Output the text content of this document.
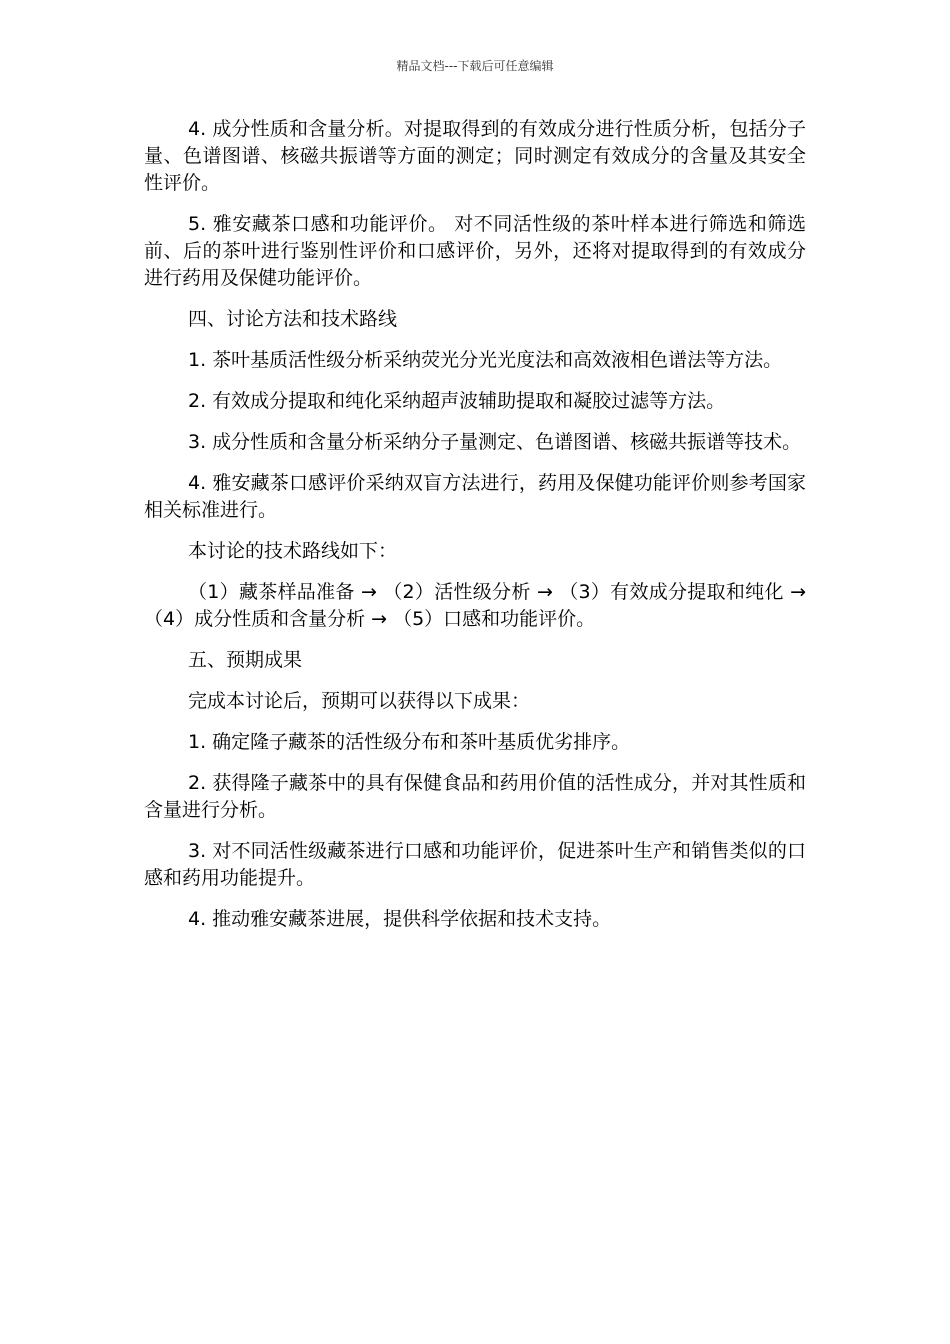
精品文档---下载后可任意编辑

4. 成分性质和含量分析。对提取得到的有效成分进行性质分析，包括分子量、色谱图谱、核磁共振谱等方面的测定；同时测定有效成分的含量及其安全性评价。

5. 雅安藏茶口感和功能评价。 对不同活性级的茶叶样本进行筛选和筛选前、后的茶叶进行鉴别性评价和口感评价，另外，还将对提取得到的有效成分进行药用及保健功能评价。

四、讨论方法和技术路线

1. 茶叶基质活性级分析采纳荧光分光光度法和高效液相色谱法等方法。

2. 有效成分提取和纯化采纳超声波辅助提取和凝胶过滤等方法。

3. 成分性质和含量分析采纳分子量测定、色谱图谱、核磁共振谱等技术。

4. 雅安藏茶口感评价采纳双盲方法进行，药用及保健功能评价则参考国家相关标准进行。

本讨论的技术路线如下：

（1）藏茶样品准备 → （2）活性级分析 → （3）有效成分提取和纯化 → （4）成分性质和含量分析 → （5）口感和功能评价。

五、预期成果

完成本讨论后，预期可以获得以下成果：

1. 确定隆子藏茶的活性级分布和茶叶基质优劣排序。

2. 获得隆子藏茶中的具有保健食品和药用价值的活性成分，并对其性质和含量进行分析。

3. 对不同活性级藏茶进行口感和功能评价，促进茶叶生产和销售类似的口感和药用功能提升。

4. 推动雅安藏茶进展，提供科学依据和技术支持。
